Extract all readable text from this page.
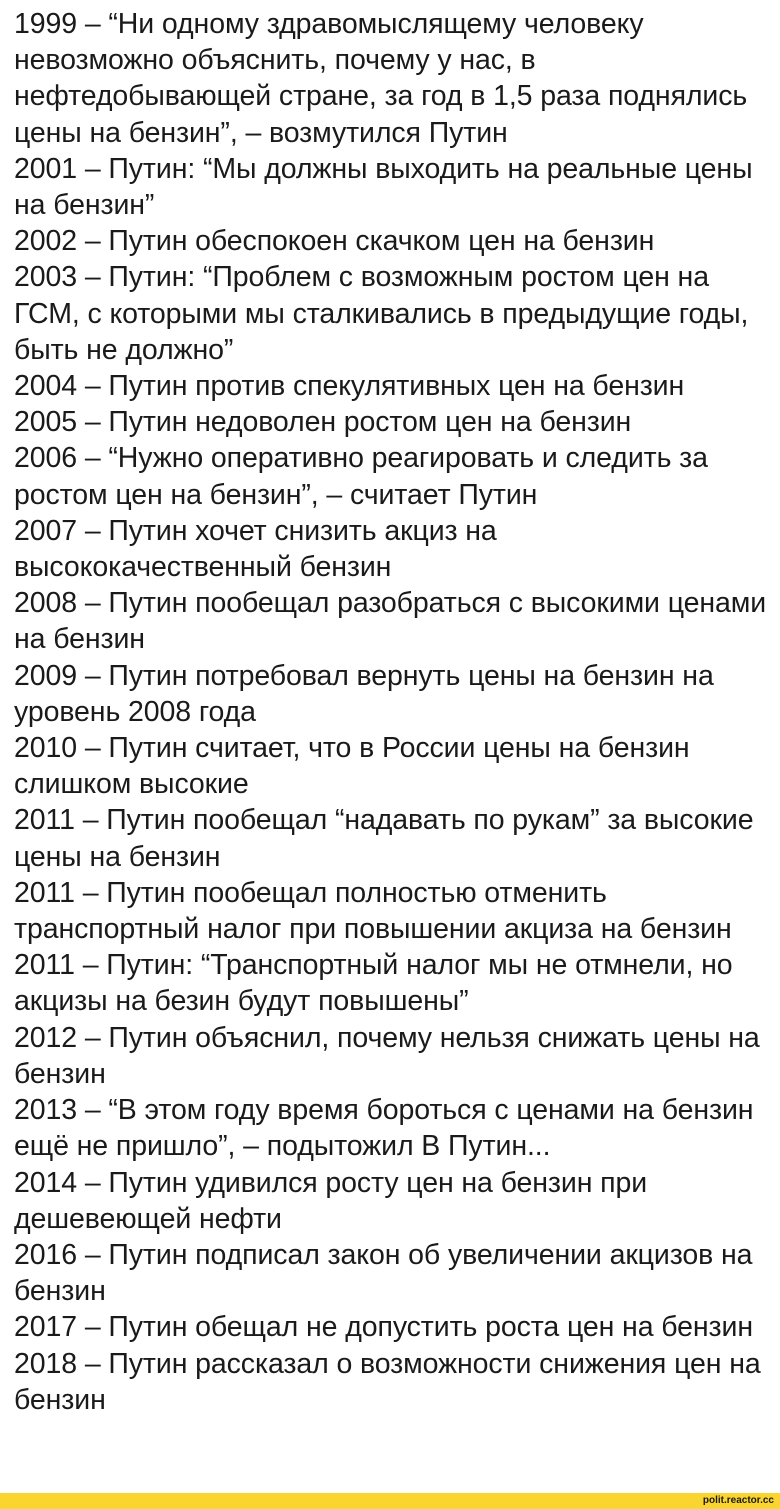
1999 – “Ни одному здравомыслящему человеку невозможно объяснить, почему у нас, в нефтедобывающей стране, за год в 1,5 раза поднялись цены на бензин”, – возмутился Путин

2001 – Путин: “Мы должны выходить на реальные цены на бензин”

2002 – Путин обеспокоен скачком цен на бензин

2003 – Путин: “Проблем с возможным ростом цен на ГСМ, с которыми мы сталкивались в предыдущие годы, быть не должно”

2004 – Путин против спекулятивных цен на бензин

2005 – Путин недоволен ростом цен на бензин

2006 – “Нужно оперативно реагировать и следить за ростом цен на бензин”, – считает Путин

2007 – Путин хочет снизить акциз на высококачественный бензин

2008 – Путин пообещал разобраться с высокими ценами на бензин

2009 – Путин потребовал вернуть цены на бензин на уровень 2008 года

2010 – Путин считает, что в России цены на бензин слишком высокие

2011 – Путин пообещал “надавать по рукам” за высокие цены на бензин

2011 – Путин пообещал полностью отменить транспортный налог при повышении акциза на бензин

2011 – Путин: “Транспортный налог мы не отмнели, но акцизы на безин будут повышены”

2012 – Путин объяснил, почему нельзя снижать цены на бензин

2013 – “В этом году время бороться с ценами на бензин ещё не пришло”, – подытожил В Путин...

2014 – Путин удивился росту цен на бензин при дешевеющей нефти

2016 – Путин подписал закон об увеличении акцизов на бензин

2017 – Путин обещал не допустить роста цен на бензин

2018 – Путин рассказал о возможности снижения цен на бензин

polit.reactor.cc
